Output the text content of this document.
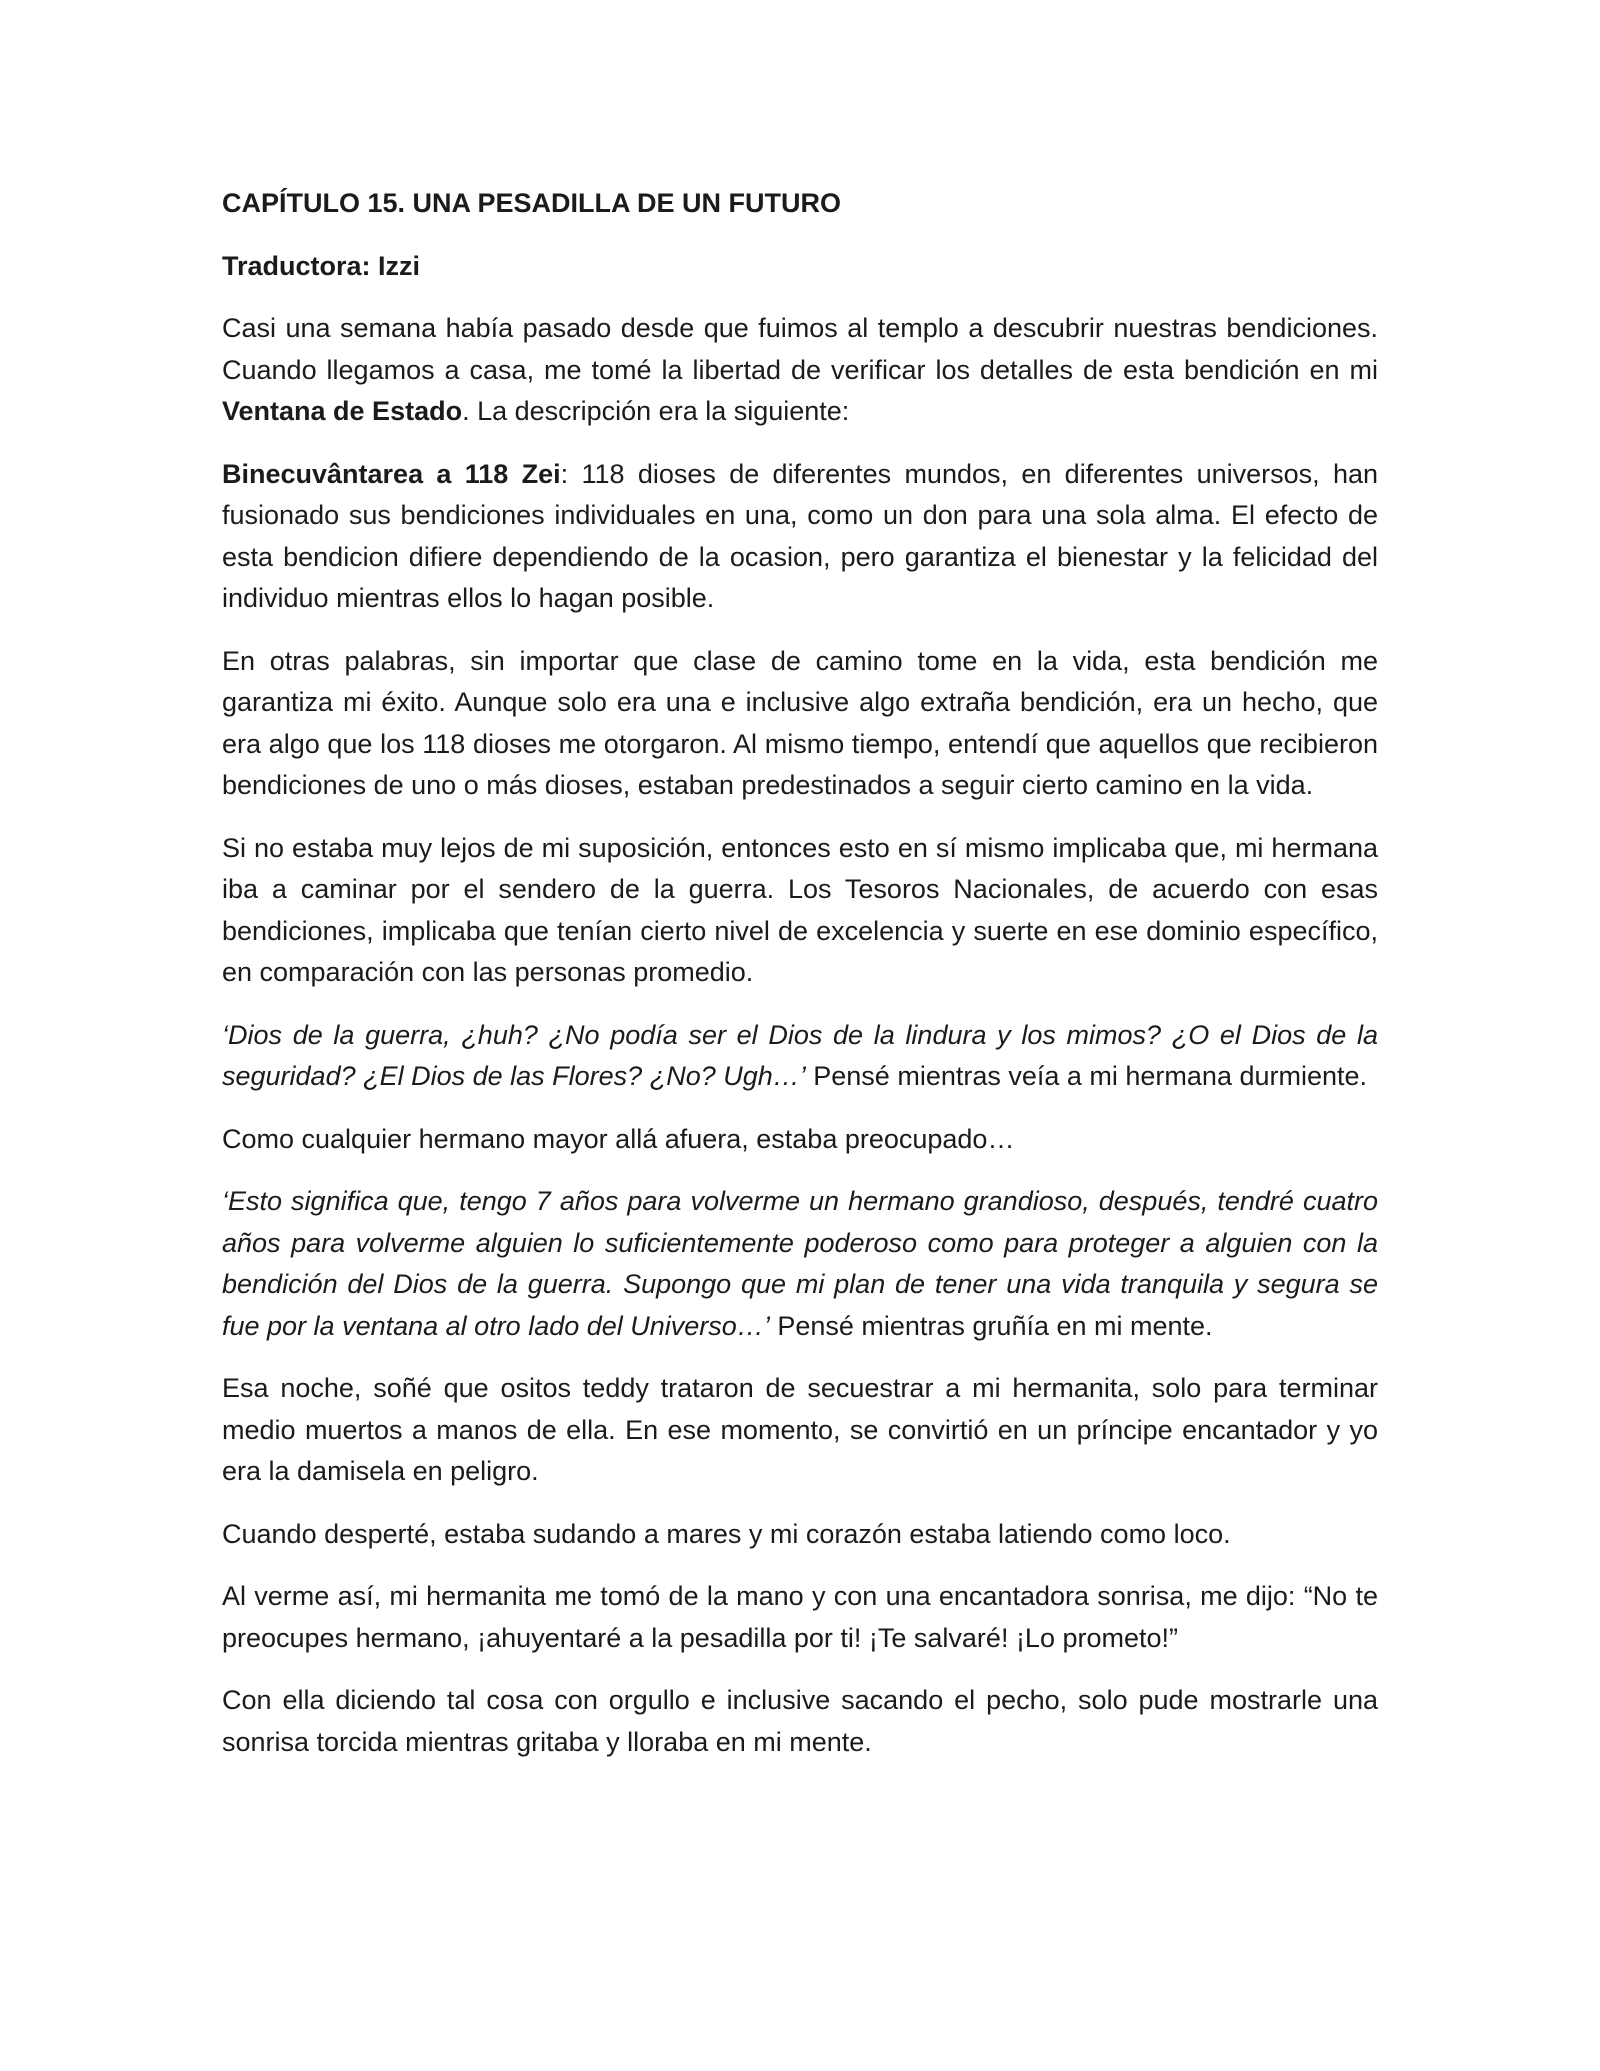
CAPÍTULO 15. UNA PESADILLA DE UN FUTURO

Traductora: Izzi

Casi una semana había pasado desde que fuimos al templo a descubrir nuestras bendiciones. Cuando llegamos a casa, me tomé la libertad de verificar los detalles de esta bendición en mi Ventana de Estado. La descripción era la siguiente:

Binecuvântarea a 118 Zei: 118 dioses de diferentes mundos, en diferentes universos, han fusionado sus bendiciones individuales en una, como un don para una sola alma. El efecto de esta bendicion difiere dependiendo de la ocasion, pero garantiza el bienestar y la felicidad del individuo mientras ellos lo hagan posible.

En otras palabras, sin importar que clase de camino tome en la vida, esta bendición me garantiza mi éxito. Aunque solo era una e inclusive algo extraña bendición, era un hecho, que era algo que los 118 dioses me otorgaron. Al mismo tiempo, entendí que aquellos que recibieron bendiciones de uno o más dioses, estaban predestinados a seguir cierto camino en la vida.

Si no estaba muy lejos de mi suposición, entonces esto en sí mismo implicaba que, mi hermana iba a caminar por el sendero de la guerra. Los Tesoros Nacionales, de acuerdo con esas bendiciones, implicaba que tenían cierto nivel de excelencia y suerte en ese dominio específico, en comparación con las personas promedio.

‘Dios de la guerra, ¿huh? ¿No podía ser el Dios de la lindura y los mimos? ¿O el Dios de la seguridad? ¿El Dios de las Flores? ¿No? Ugh…’ Pensé mientras veía a mi hermana durmiente.

Como cualquier hermano mayor allá afuera, estaba preocupado…

‘Esto significa que, tengo 7 años para volverme un hermano grandioso, después, tendré cuatro años para volverme alguien lo suficientemente poderoso como para proteger a alguien con la bendición del Dios de la guerra. Supongo que mi plan de tener una vida tranquila y segura se fue por la ventana al otro lado del Universo…’ Pensé mientras gruñía en mi mente.

Esa noche, soñé que ositos teddy trataron de secuestrar a mi hermanita, solo para terminar medio muertos a manos de ella. En ese momento, se convirtió en un príncipe encantador y yo era la damisela en peligro.

Cuando desperté, estaba sudando a mares y mi corazón estaba latiendo como loco.

Al verme así, mi hermanita me tomó de la mano y con una encantadora sonrisa, me dijo: “No te preocupes hermano, ¡ahuyentaré a la pesadilla por ti! ¡Te salvaré! ¡Lo prometo!”

Con ella diciendo tal cosa con orgullo e inclusive sacando el pecho, solo pude mostrarle una sonrisa torcida mientras gritaba y lloraba en mi mente.
